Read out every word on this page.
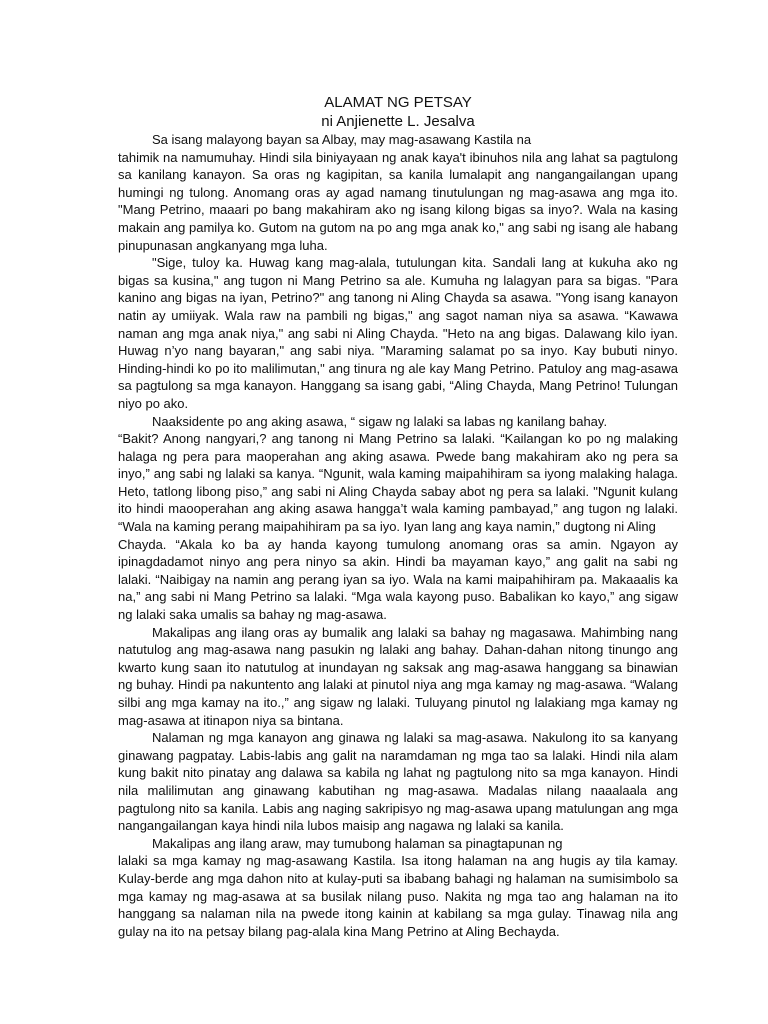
ALAMAT NG PETSAY
ni Anjienette L. Jesalva

Sa isang malayong bayan sa Albay, may mag-asawang Kastila na

tahimik na namumuhay. Hindi sila biniyayaan ng anak kaya't ibinuhos nila ang lahat sa pagtulong sa kanilang kanayon. Sa oras ng kagipitan, sa kanila lumalapit ang nangangailangan upang humingi ng tulong. Anomang oras ay agad namang tinutulungan ng mag-asawa ang mga ito. "Mang Petrino, maaari po bang makahiram ako ng isang kilong bigas sa inyo?. Wala na kasing makain ang pamilya ko. Gutom na gutom na po ang mga anak ko," ang sabi ng isang ale habang pinupunasan angkanyang mga luha.

"Sige, tuloy ka. Huwag kang mag-alala, tutulungan kita. Sandali lang at kukuha ako ng bigas sa kusina," ang tugon ni Mang Petrino sa ale. Kumuha ng lalagyan para sa bigas. "Para kanino ang bigas na iyan, Petrino?" ang tanong ni Aling Chayda sa asawa. "Yong isang kanayon natin ay umiiyak. Wala raw na pambili ng bigas," ang sagot naman niya sa asawa. “Kawawa naman ang mga anak niya," ang sabi ni Aling Chayda. "Heto na ang bigas. Dalawang kilo iyan. Huwag n’yo nang bayaran," ang sabi niya. "Maraming salamat po sa inyo. Kay bubuti ninyo. Hinding-hindi ko po ito malilimutan," ang tinura ng ale kay Mang Petrino. Patuloy ang mag-asawa sa pagtulong sa mga kanayon. Hanggang sa isang gabi, “Aling Chayda, Mang Petrino! Tulungan niyo po ako.

Naaksidente po ang aking asawa, “ sigaw ng lalaki sa labas ng kanilang bahay.

“Bakit? Anong nangyari,? ang tanong ni Mang Petrino sa lalaki. “Kailangan ko po ng malaking halaga ng pera para maoperahan ang aking asawa. Pwede bang makahiram ako ng pera sa inyo,” ang sabi ng lalaki sa kanya. “Ngunit, wala kaming maipahihiram sa iyong malaking halaga. Heto, tatlong libong piso,” ang sabi ni Aling Chayda sabay abot ng pera sa lalaki. "Ngunit kulang ito hindi maooperahan ang aking asawa hangga’t wala kaming pambayad,” ang tugon ng lalaki. “Wala na kaming perang maipahihiram pa sa iyo. Iyan lang ang kaya namin,” dugtong ni Aling

Chayda. “Akala ko ba ay handa kayong tumulong anomang oras sa amin. Ngayon ay ipinagdadamot ninyo ang pera ninyo sa akin. Hindi ba mayaman kayo,” ang galit na sabi ng lalaki. “Naibigay na namin ang perang iyan sa iyo. Wala na kami maipahihiram pa. Makaaalis ka na,” ang sabi ni Mang Petrino sa lalaki. “Mga wala kayong puso. Babalikan ko kayo,” ang sigaw ng lalaki saka umalis sa bahay ng mag-asawa.

Makalipas ang ilang oras ay bumalik ang lalaki sa bahay ng magasawa. Mahimbing nang natutulog ang mag-asawa nang pasukin ng lalaki ang bahay. Dahan-dahan nitong tinungo ang kwarto kung saan ito natutulog at inundayan ng saksak ang mag-asawa hanggang sa binawian ng buhay. Hindi pa nakuntento ang lalaki at pinutol niya ang mga kamay ng mag-asawa. “Walang silbi ang mga kamay na ito.,” ang sigaw ng lalaki. Tuluyang pinutol ng lalakiang mga kamay ng mag-asawa at itinapon niya sa bintana.

Nalaman ng mga kanayon ang ginawa ng lalaki sa mag-asawa. Nakulong ito sa kanyang ginawang pagpatay. Labis-labis ang galit na naramdaman ng mga tao sa lalaki. Hindi nila alam kung bakit nito pinatay ang dalawa sa kabila ng lahat ng pagtulong nito sa mga kanayon. Hindi nila malilimutan ang ginawang kabutihan ng mag-asawa. Madalas nilang naaalaala ang pagtulong nito sa kanila. Labis ang naging sakripisyo ng mag-asawa upang matulungan ang mga nangangailangan kaya hindi nila lubos maisip ang nagawa ng lalaki sa kanila.

Makalipas ang ilang araw, may tumubong halaman sa pinagtapunan ng

lalaki sa mga kamay ng mag-asawang Kastila. Isa itong halaman na ang hugis ay tila kamay. Kulay-berde ang mga dahon nito at kulay-puti sa ibabang bahagi ng halaman na sumisimbolo sa mga kamay ng mag-asawa at sa busilak nilang puso. Nakita ng mga tao ang halaman na ito hanggang sa nalaman nila na pwede itong kainin at kabilang sa mga gulay. Tinawag nila ang gulay na ito na petsay bilang pag-alala kina Mang Petrino at Aling Bechayda.
